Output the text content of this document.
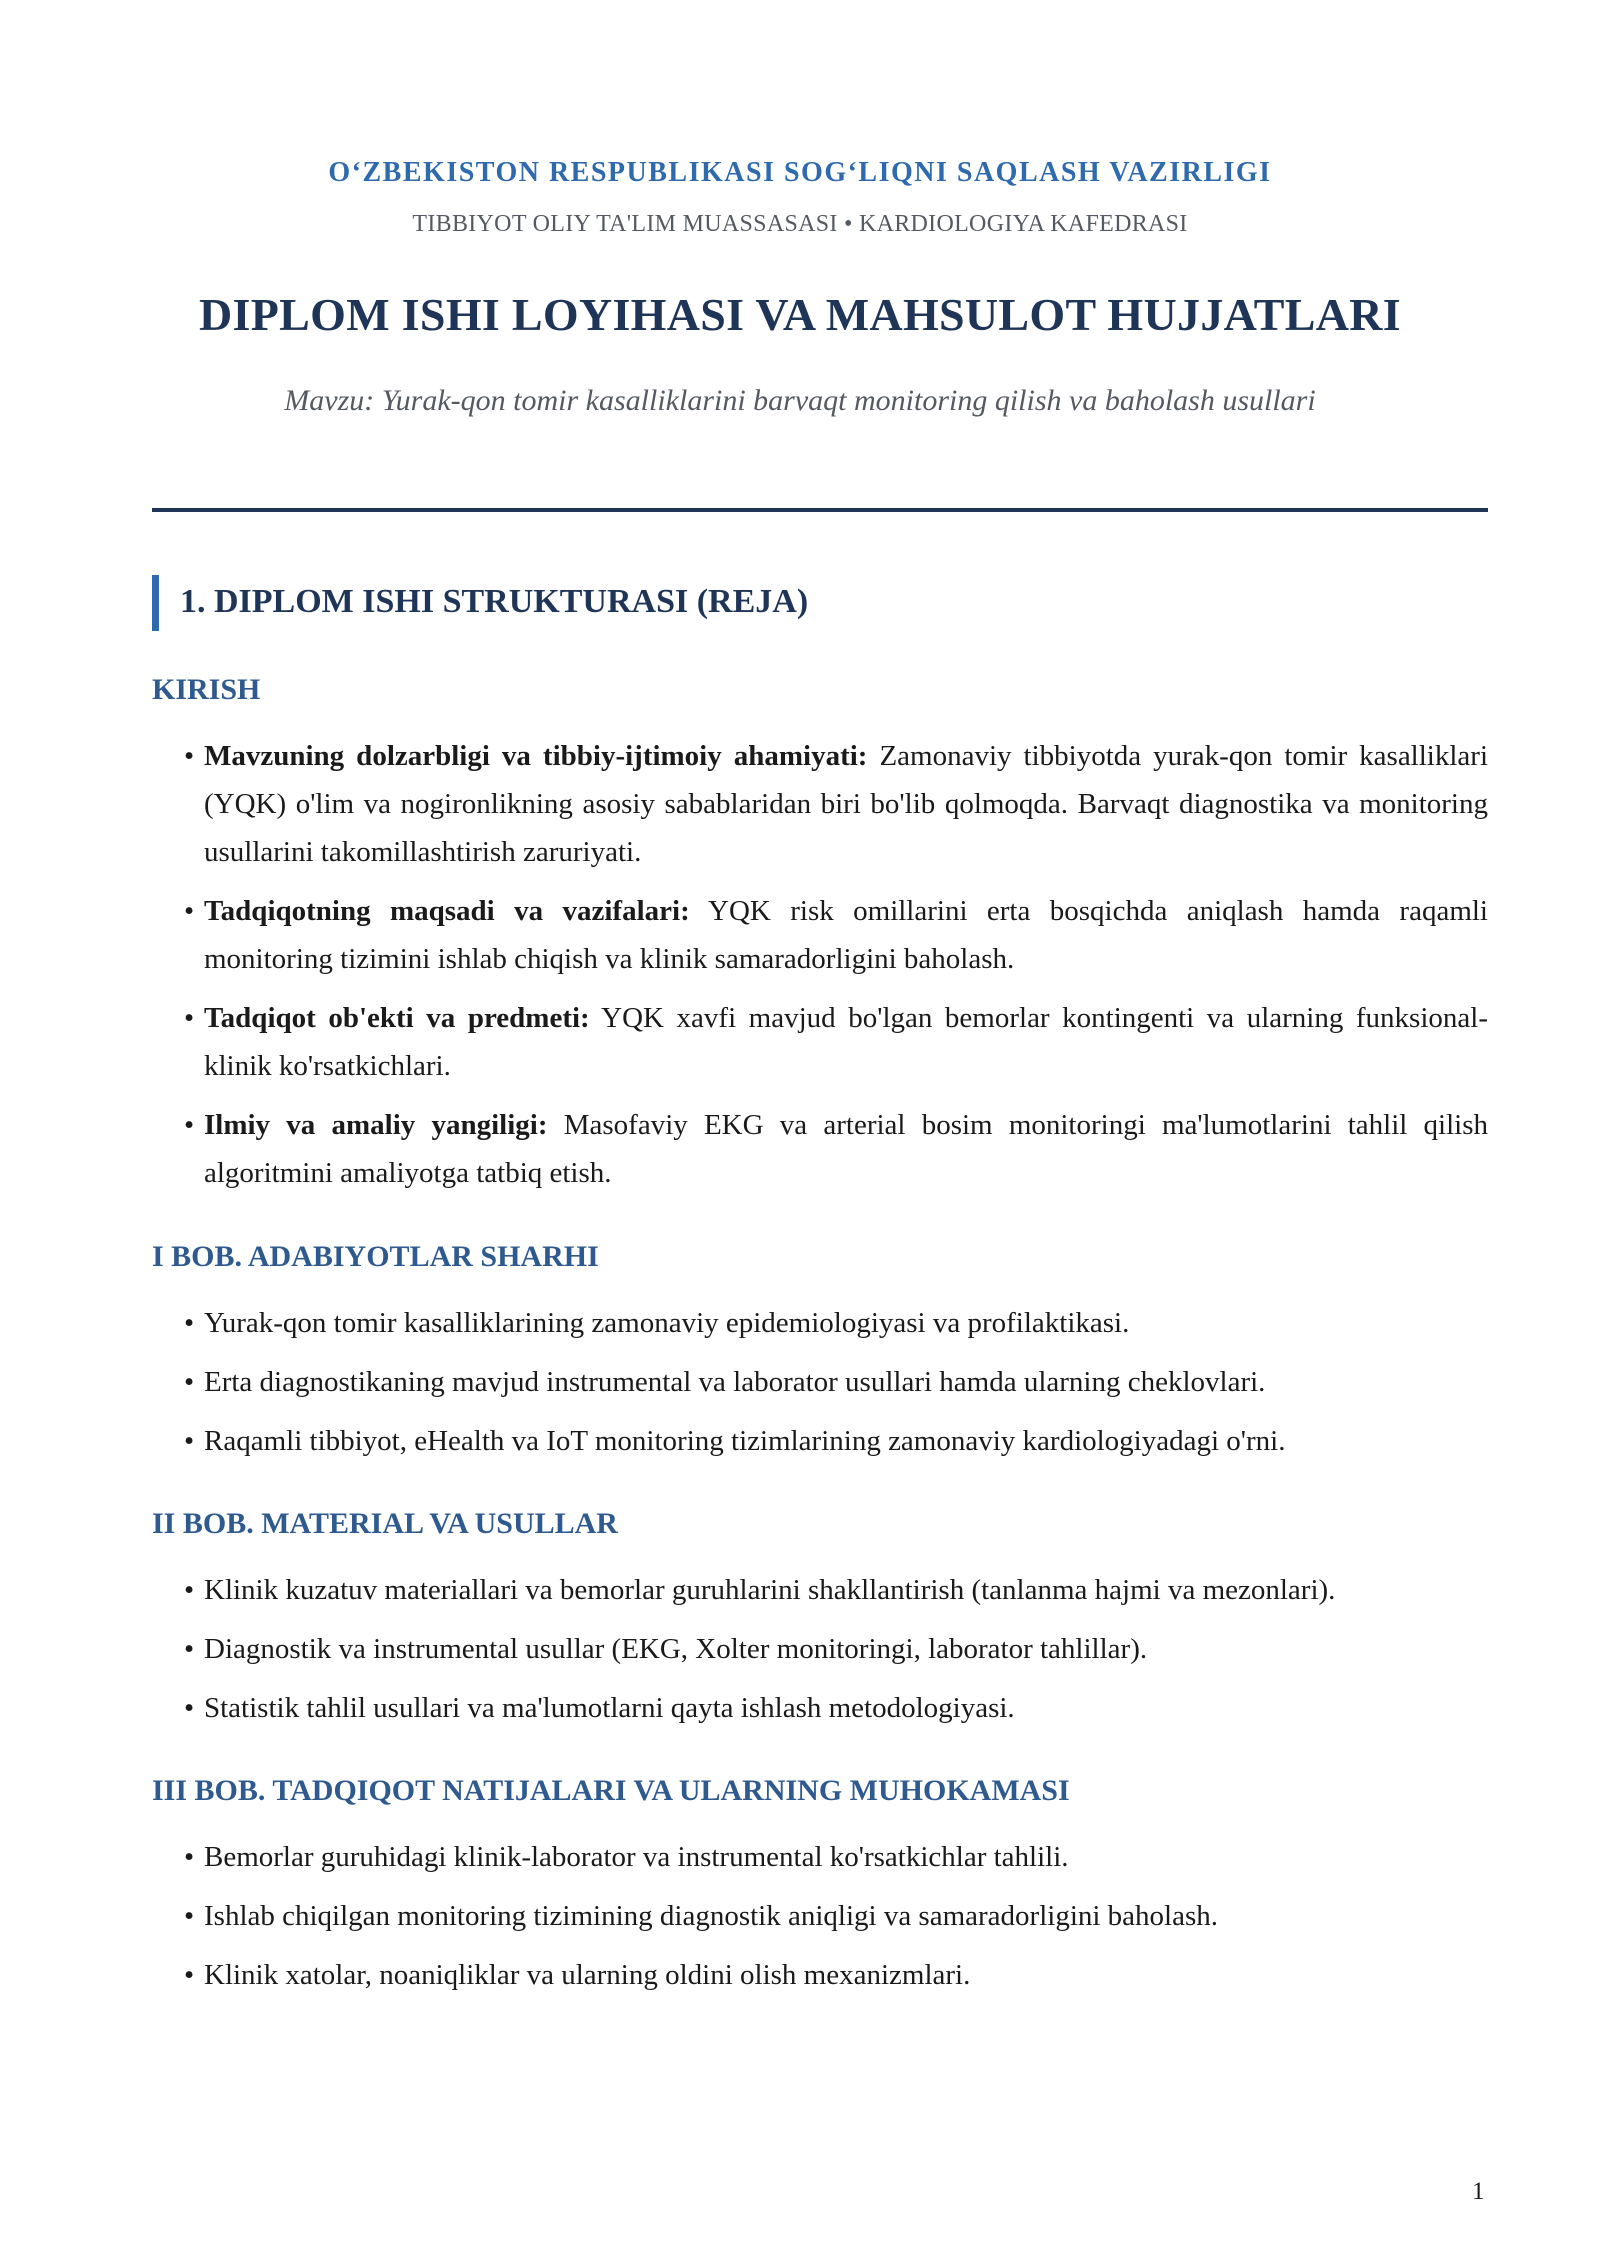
O‘ZBEKISTON RESPUBLIKASI SOG‘LIQNI SAQLASH VAZIRLIGI
TIBBIYOT OLIY TA'LIM MUASSASASI • KARDIOLOGIYA KAFEDRASI
DIPLOM ISHI LOYIHASI VA MAHSULOT HUJJATLARI
Mavzu: Yurak-qon tomir kasalliklarini barvaqt monitoring qilish va baholash usullari
1. DIPLOM ISHI STRUKTURASI (REJA)
KIRISH
• Mavzuning dolzarbligi va tibbiy-ijtimoiy ahamiyati: Zamonaviy tibbiyotda yurak-qon tomir kasalliklari (YQK) o'lim va nogironlikning asosiy sabablaridan biri bo'lib qolmoqda. Barvaqt diagnostika va monitoring usullarini takomillashtirish zaruriyati.
• Tadqiqotning maqsadi va vazifalari: YQK risk omillarini erta bosqichda aniqlash hamda raqamli monitoring tizimini ishlab chiqish va klinik samaradorligini baholash.
• Tadqiqot ob'ekti va predmeti: YQK xavfi mavjud bo'lgan bemorlar kontingenti va ularning funksional-klinik ko'rsatkichlari.
• Ilmiy va amaliy yangiligi: Masofaviy EKG va arterial bosim monitoringi ma'lumotlarini tahlil qilish algoritmini amaliyotga tatbiq etish.
I BOB. ADABIYOTLAR SHARHI
• Yurak-qon tomir kasalliklarining zamonaviy epidemiologiyasi va profilaktikasi.
• Erta diagnostikaning mavjud instrumental va laborator usullari hamda ularning cheklovlari.
• Raqamli tibbiyot, eHealth va IoT monitoring tizimlarining zamonaviy kardiologiyadagi o'rni.
II BOB. MATERIAL VA USULLAR
• Klinik kuzatuv materiallari va bemorlar guruhlarini shakllantirish (tanlanma hajmi va mezonlari).
• Diagnostik va instrumental usullar (EKG, Xolter monitoringi, laborator tahlillar).
• Statistik tahlil usullari va ma'lumotlarni qayta ishlash metodologiyasi.
III BOB. TADQIQOT NATIJALARI VA ULARNING MUHOKAMASI
• Bemorlar guruhidagi klinik-laborator va instrumental ko'rsatkichlar tahlili.
• Ishlab chiqilgan monitoring tizimining diagnostik aniqligi va samaradorligini baholash.
• Klinik xatolar, noaniqliklar va ularning oldini olish mexanizmlari.
1
